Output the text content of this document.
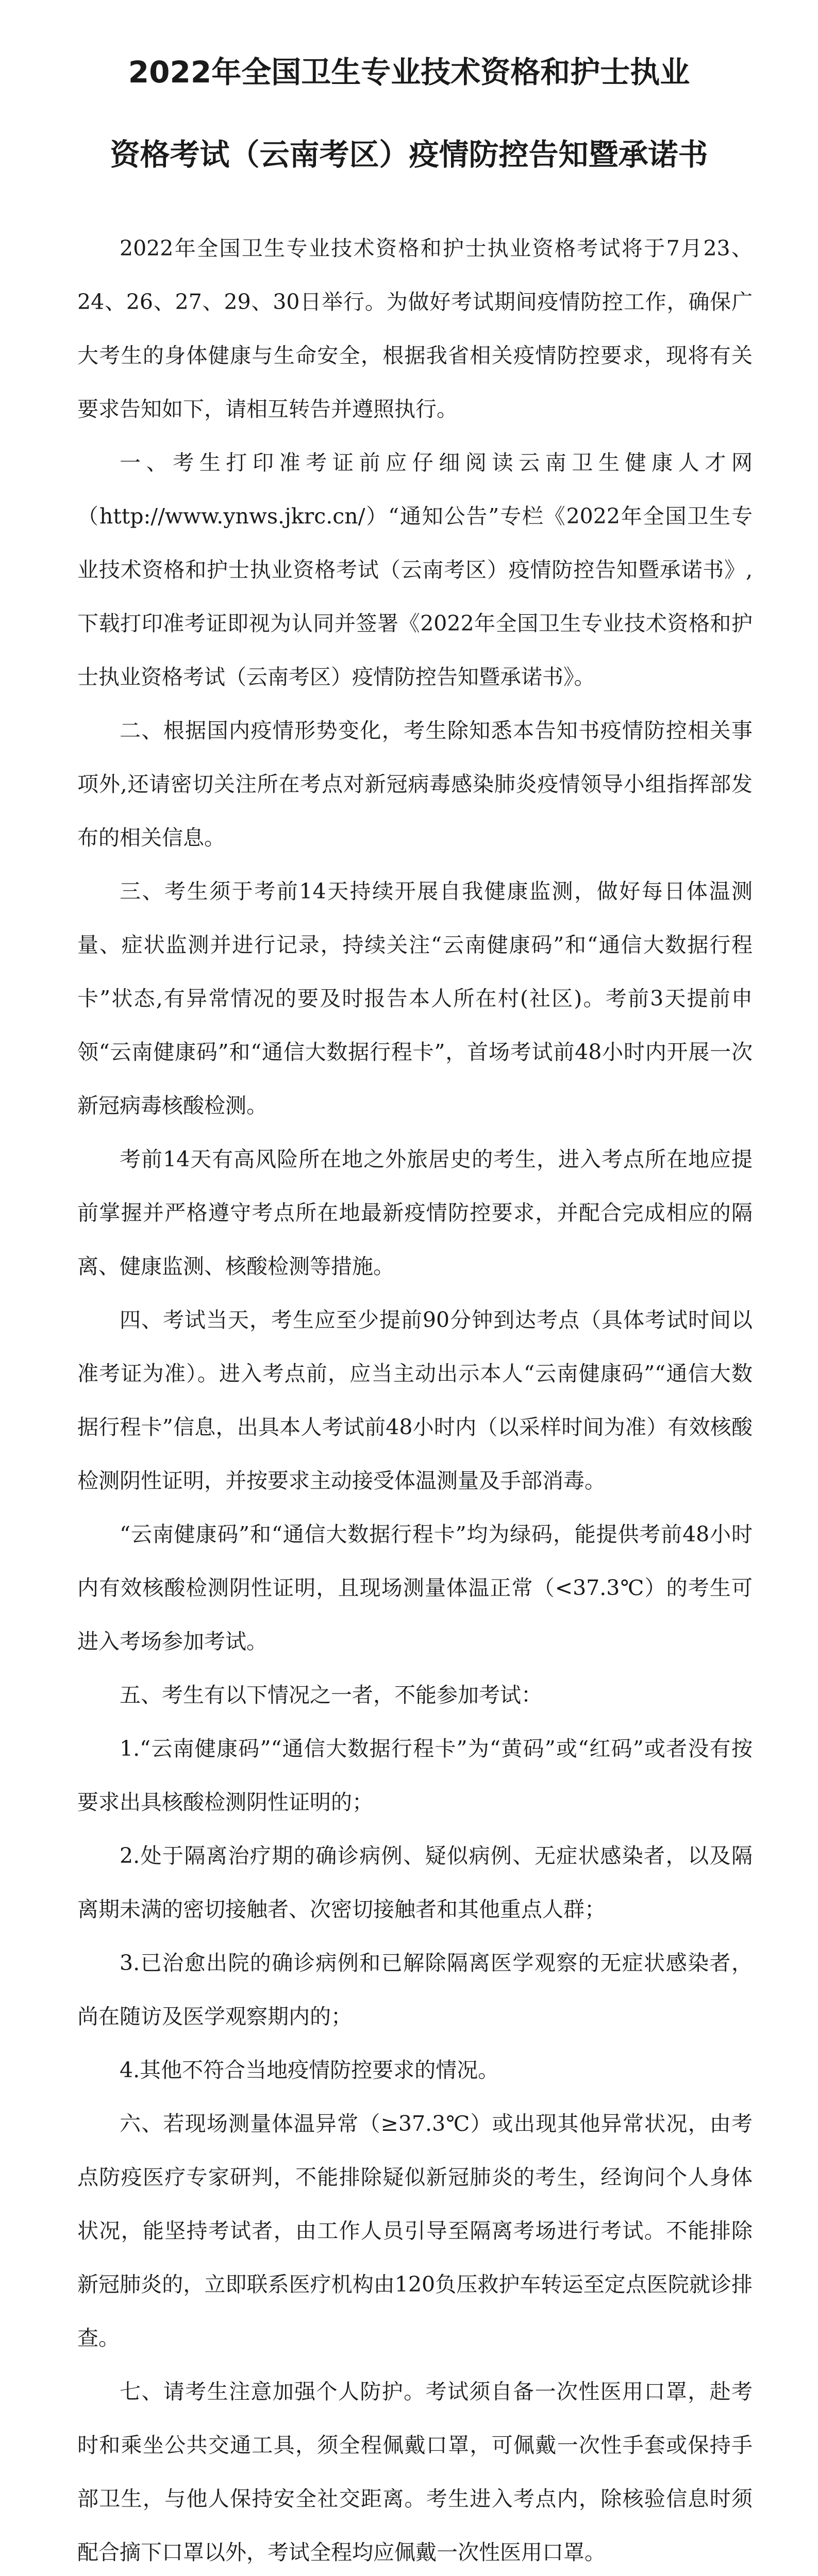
2022年全国卫生专业技术资格和护士执业
资格考试（云南考区）疫情防控告知暨承诺书

2022年全国卫生专业技术资格和护士执业资格考试将于7月23、24、26、27、29、30日举行。为做好考试期间疫情防控工作，确保广大考生的身体健康与生命安全，根据我省相关疫情防控要求，现将有关要求告知如下，请相互转告并遵照执行。

一、考生打印准考证前应仔细阅读云南卫生健康人才网（http://www.ynws.jkrc.cn/）“通知公告”专栏《2022年全国卫生专业技术资格和护士执业资格考试（云南考区）疫情防控告知暨承诺书》,下载打印准考证即视为认同并签署《2022年全国卫生专业技术资格和护士执业资格考试（云南考区）疫情防控告知暨承诺书》。

二、根据国内疫情形势变化，考生除知悉本告知书疫情防控相关事项外,还请密切关注所在考点对新冠病毒感染肺炎疫情领导小组指挥部发布的相关信息。

三、考生须于考前14天持续开展自我健康监测，做好每日体温测量、症状监测并进行记录，持续关注“云南健康码”和“通信大数据行程卡”状态,有异常情况的要及时报告本人所在村(社区)。考前3天提前申领“云南健康码”和“通信大数据行程卡”，首场考试前48小时内开展一次新冠病毒核酸检测。

考前14天有高风险所在地之外旅居史的考生，进入考点所在地应提前掌握并严格遵守考点所在地最新疫情防控要求，并配合完成相应的隔离、健康监测、核酸检测等措施。

四、考试当天，考生应至少提前90分钟到达考点（具体考试时间以准考证为准）。进入考点前，应当主动出示本人“云南健康码”“通信大数据行程卡”信息，出具本人考试前48小时内（以采样时间为准）有效核酸检测阴性证明，并按要求主动接受体温测量及手部消毒。

“云南健康码”和“通信大数据行程卡”均为绿码，能提供考前48小时内有效核酸检测阴性证明，且现场测量体温正常（<37.3℃）的考生可进入考场参加考试。

五、考生有以下情况之一者，不能参加考试：

1.“云南健康码”“通信大数据行程卡”为“黄码”或“红码”或者没有按要求出具核酸检测阴性证明的；

2.处于隔离治疗期的确诊病例、疑似病例、无症状感染者，以及隔离期未满的密切接触者、次密切接触者和其他重点人群；

3.已治愈出院的确诊病例和已解除隔离医学观察的无症状感染者，尚在随访及医学观察期内的；

4.其他不符合当地疫情防控要求的情况。

六、若现场测量体温异常（≥37.3℃）或出现其他异常状况，由考点防疫医疗专家研判，不能排除疑似新冠肺炎的考生，经询问个人身体状况，能坚持考试者，由工作人员引导至隔离考场进行考试。不能排除新冠肺炎的，立即联系医疗机构由120负压救护车转运至定点医院就诊排查。

七、请考生注意加强个人防护。考试须自备一次性医用口罩，赴考时和乘坐公共交通工具，须全程佩戴口罩，可佩戴一次性手套或保持手部卫生，与他人保持安全社交距离。考生进入考点内，除核验信息时须配合摘下口罩以外，考试全程均应佩戴一次性医用口罩。
